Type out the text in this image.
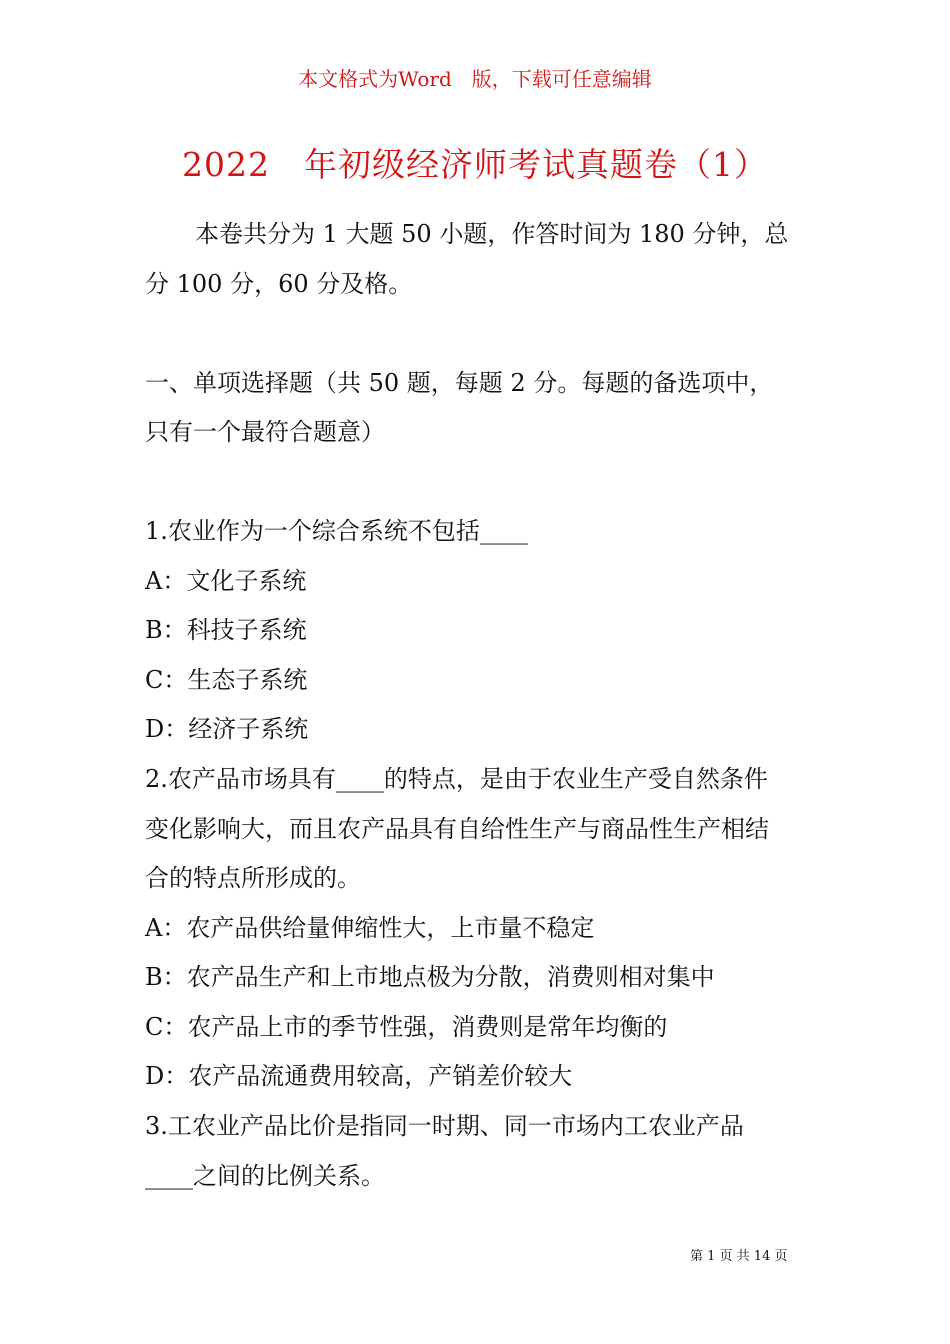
本文格式为Word　版，下载可任意编辑
2022　年初级经济师考试真题卷（1）
本卷共分为 1 大题 50 小题，作答时间为 180 分钟，总
分 100 分，60 分及格。
一、单项选择题（共 50 题，每题 2 分。每题的备选项中，
只有一个最符合题意）
1.农业作为一个综合系统不包括____
A：文化子系统
B：科技子系统
C：生态子系统
D：经济子系统
2.农产品市场具有____的特点，是由于农业生产受自然条件
变化影响大，而且农产品具有自给性生产与商品性生产相结
合的特点所形成的。
A：农产品供给量伸缩性大，上市量不稳定
B：农产品生产和上市地点极为分散，消费则相对集中
C：农产品上市的季节性强，消费则是常年均衡的
D：农产品流通费用较高，产销差价较大
3.工农业产品比价是指同一时期、同一市场内工农业产品
____之间的比例关系。
第 1 页 共 14 页
